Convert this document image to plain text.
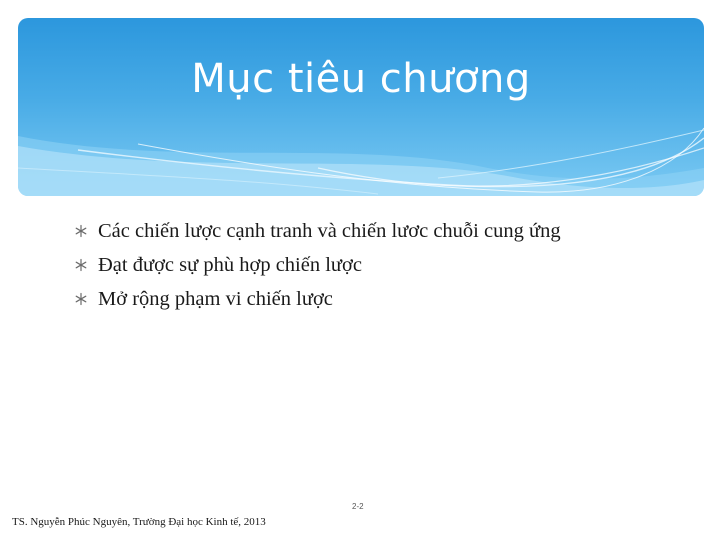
Mục tiêu chương
Các chiến lược cạnh tranh và chiến lươc chuỗi cung ứng
Đạt được sự phù hợp chiến lược
Mở rộng phạm vi chiến lược
2-2
TS. Nguyễn Phúc Nguyên, Trường Đại học Kinh tế, 2013
